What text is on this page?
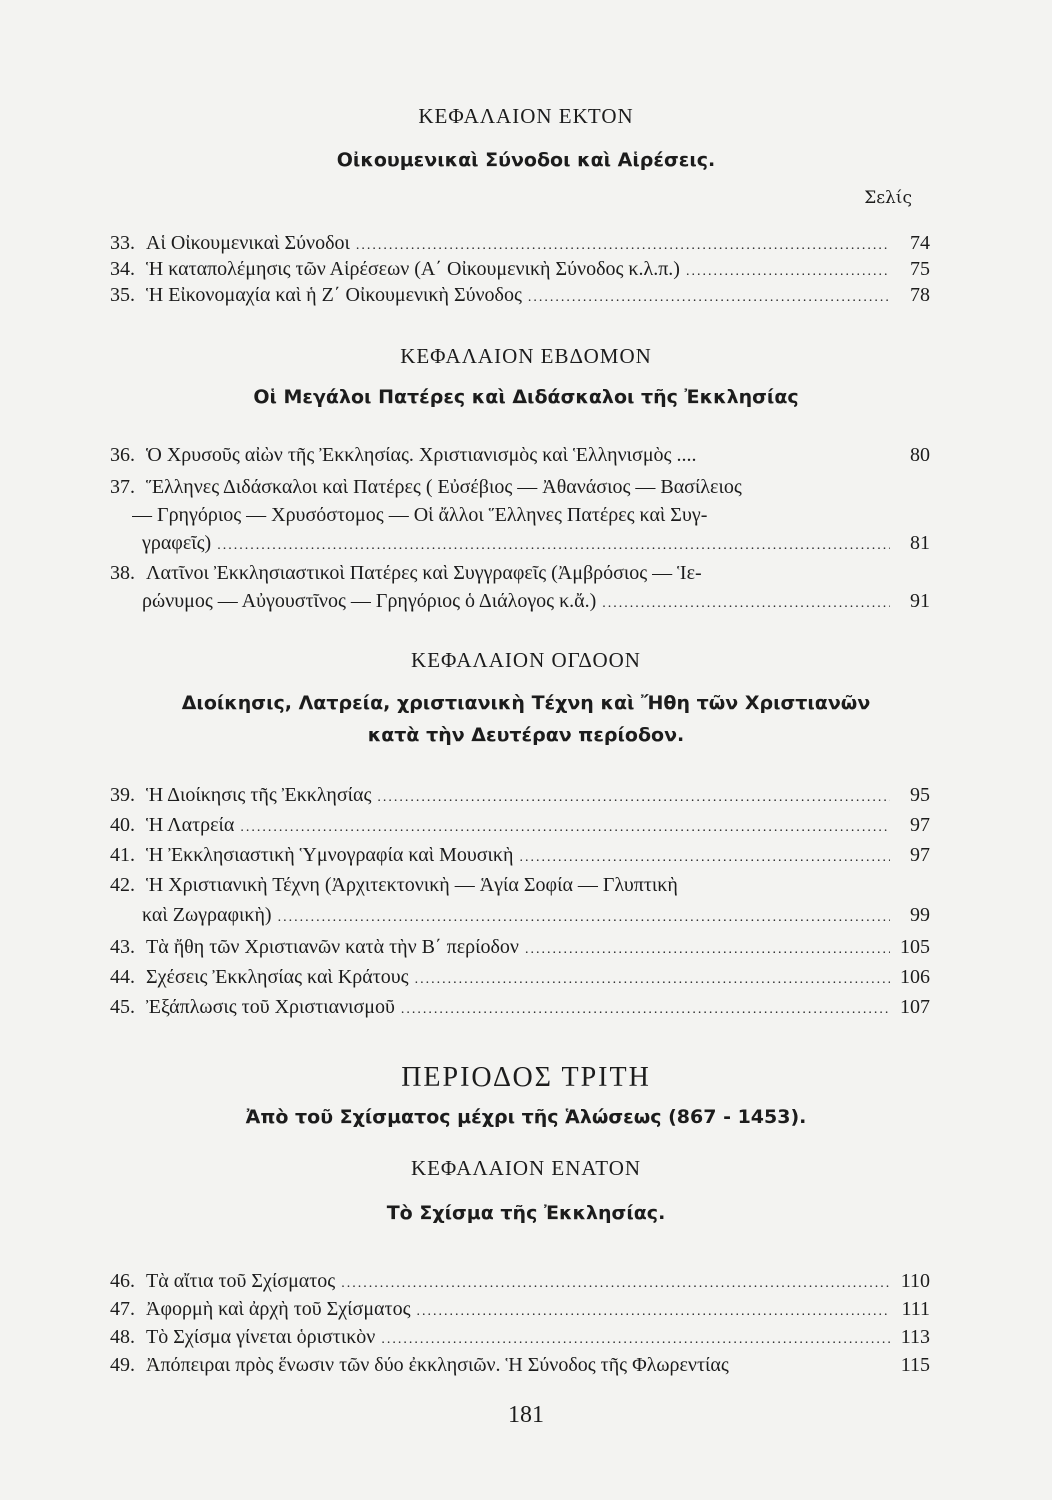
ΚΕΦΑΛΑΙΟΝ ΕΚΤΟΝ
Οἰκουμενικαὶ Σύνοδοι καὶ Αἱρέσεις.
Σελίς
33. Αἱ Οἰκουμενικαὶ Σύνοδοι .....	74
34. Ἡ καταπολέμησις τῶν Αἱρέσεων (Α΄ Οἰκουμενικὴ Σύνοδος κ.λ.π.) .....	75
35. Ἡ Εἰκονομαχία καὶ ἡ Ζ΄ Οἰκουμενικὴ Σύνοδος .....	78
ΚΕΦΑΛΑΙΟΝ ΕΒΔΟΜΟΝ
Οἱ Μεγάλοι Πατέρες καὶ Διδάσκαλοι τῆς Ἐκκλησίας
36. Ὁ Χρυσοῦς αἰὼν τῆς Ἐκκλησίας. Χριστιανισμὸς καὶ Ἑλληνισμὸς ....	80
37. Ἕλληνες Διδάσκαλοι καὶ Πατέρες ( Εὐσέβιος — Ἀθανάσιος — Βασίλειος
— Γρηγόριος — Χρυσόστομος — Οἱ ἄλλοι Ἕλληνες Πατέρες καὶ Συγ-
γραφεῖς) .....	81
38. Λατῖνοι Ἐκκλησιαστικοὶ Πατέρες καὶ Συγγραφεῖς (Ἀμβρόσιος — Ἱε-
ρώνυμος — Αὐγουστῖνος — Γρηγόριος ὁ Διάλογος κ.ἄ.) .....	91
ΚΕΦΑΛΑΙΟΝ ΟΓΔΟΟΝ
Διοίκησις, Λατρεία, χριστιανικὴ Τέχνη καὶ Ἤθη τῶν Χριστιανῶν
κατὰ τὴν Δευτέραν περίοδον.
39. Ἡ Διοίκησις τῆς Ἐκκλησίας .....	95
40. Ἡ Λατρεία .....	97
41. Ἡ Ἐκκλησιαστικὴ Ὑμνογραφία καὶ Μουσικὴ .....	97
42. Ἡ Χριστιανικὴ Τέχνη (Ἀρχιτεκτονικὴ — Ἁγία Σοφία — Γλυπτικὴ
καὶ Ζωγραφικὴ) .....	99
43. Τὰ ἤθη τῶν Χριστιανῶν κατὰ τὴν Β΄ περίοδον .....	105
44. Σχέσεις Ἐκκλησίας καὶ Κράτους .....	106
45. Ἐξάπλωσις τοῦ Χριστιανισμοῦ .....	107
ΠΕΡΙΟΔΟΣ ΤΡΙΤΗ
Ἀπὸ τοῦ Σχίσματος μέχρι τῆς Ἁλώσεως (867 - 1453).
ΚΕΦΑΛΑΙΟΝ ΕΝΑΤΟΝ
Τὸ Σχίσμα τῆς Ἐκκλησίας.
46. Τὰ αἴτια τοῦ Σχίσματος .....	110
47. Ἀφορμὴ καὶ ἀρχὴ τοῦ Σχίσματος .....	111
48. Τὸ Σχίσμα γίνεται ὁριστικὸν .....	113
49. Ἀπόπειραι πρὸς ἕνωσιν τῶν δύο ἐκκλησιῶν. Ἡ Σύνοδος τῆς Φλωρεντίας	115
181
